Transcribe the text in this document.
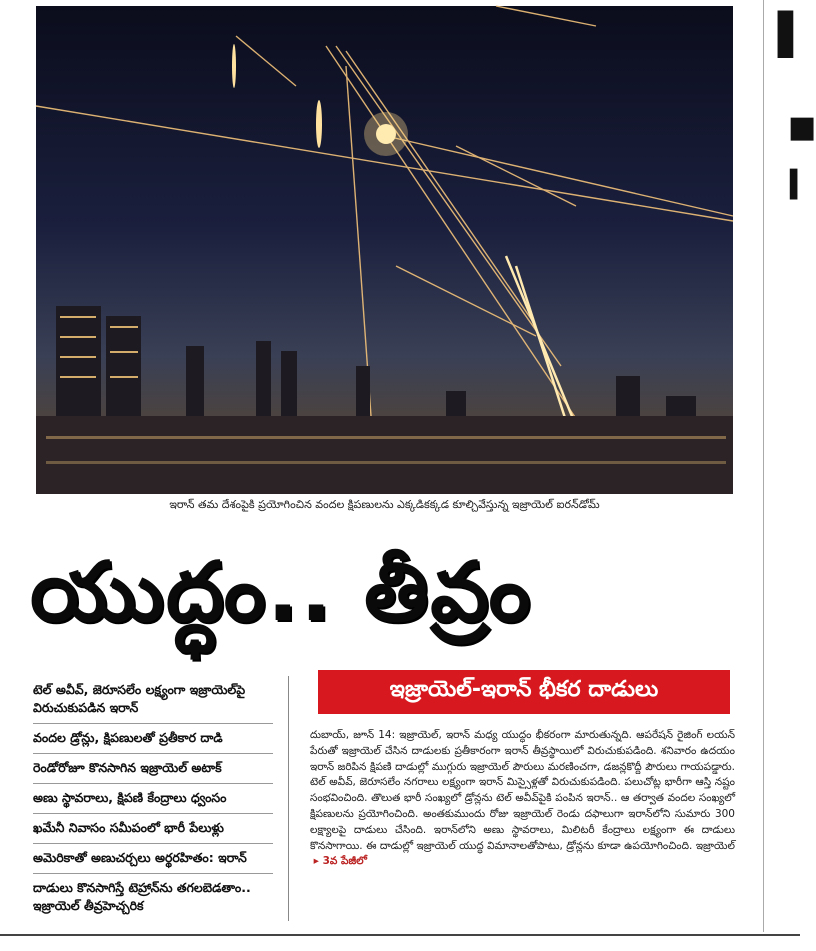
ఇరాన్ తమ దేశంపైకి ప్రయోగించిన వందల క్షిపణులను ఎక్కడికక్కడ కూల్చివేస్తున్న ఇజ్రాయెల్ ఐరన్‌డోమ్
యుద్ధం.. తీవ్రం
ఇజ్రాయెల్-ఇరాన్ భీకర దాడులు
టెల్ అవీవ్, జెరూసలేం లక్ష్యంగా ఇజ్రాయెల్‌పై విరుచుకుపడిన ఇరాన్
వందల డ్రోన్లు, క్షిపణులతో ప్రతీకార దాడి
రెండోరోజూ కొనసాగిన ఇజ్రాయెల్ అటాక్
అణు స్థావరాలు, క్షిపణి కేంద్రాలు ధ్వంసం
ఖమేనీ నివాసం సమీపంలో భారీ పేలుళ్లు
అమెరికాతో అణుచర్చలు అర్థరహితం: ఇరాన్
దాడులు కొనసాగిస్తే టెహ్రాన్‌ను తగలబెడతాం.. ఇజ్రాయెల్ తీవ్రహెచ్చరిక
దుబాయ్, జూన్ 14: ఇజ్రాయెల్, ఇరాన్ మధ్య యుద్ధం భీకరంగా మారుతున్నది. ఆపరేషన్ రైజింగ్ లయన్ పేరుతో ఇజ్రాయెల్ చేసిన దాడులకు ప్రతీకారంగా ఇరాన్ తీవ్రస్థాయిలో విరుచుకుపడింది. శనివారం ఉదయం ఇరాన్ జరిపిన క్షిపణి దాడుల్లో ముగ్గురు ఇజ్రాయెల్ పౌరులు మరణించగా, డజన్లకొద్దీ పౌరులు గాయపడ్డారు. టెల్ అవీవ్, జెరూసలేం నగరాలు లక్ష్యంగా ఇరాన్ మిస్సైళ్లతో విరుచుకుపడింది. పలుచోట్ల భారీగా ఆస్తి నష్టం సంభవించింది. తొలుత భారీ సంఖ్యలో డ్రోన్లను టెల్ అవీవ్‌పైకి పంపిన ఇరాన్.. ఆ తర్వాత వందల సంఖ్యలో క్షిపణులను ప్రయోగించింది. అంతకుముందు రోజు ఇజ్రాయెల్ రెండు దఫాలుగా ఇరాన్‌లోని సుమారు 300 లక్ష్యాలపై దాడులు చేసింది. ఇరాన్‌లోని అణు స్థావరాలు, మిలిటరీ కేంద్రాలు లక్ష్యంగా ఈ దాడులు కొనసాగాయి. ఈ దాడుల్లో ఇజ్రాయెల్ యుద్ధ విమానాలతోపాటు, డ్రోన్లను కూడా ఉపయోగించింది. ఇజ్రాయెల్  ▸ 3వ పేజీలో
▌
■
▍
